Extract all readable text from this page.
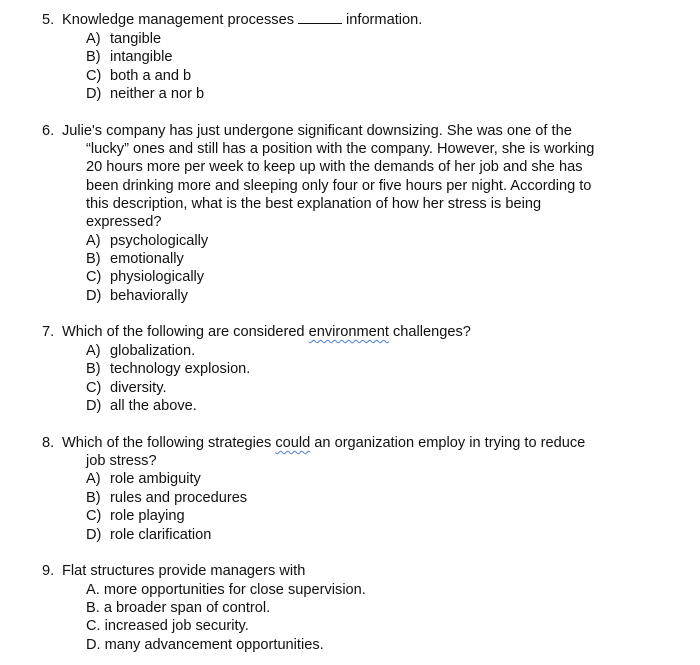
5. Knowledge management processes	information.
A) tangible
B) intangible
C) both a and b
D) neither a nor b
6. Julie's company has just undergone significant downsizing. She was one of the
“lucky” ones and still has a position with the company. However, she is working
20 hours more per week to keep up with the demands of her job and she has
been drinking more and sleeping only four or five hours per night. According to
this description, what is the best explanation of how her stress is being
expressed?
A) psychologically
B) emotionally
C) physiologically
D) behaviorally
7. Which of the following are considered environment challenges?
A) globalization.
B) technology explosion.
C) diversity.
D) all the above.
8. Which of the following strategies could an organization employ in trying to reduce
job stress?
A) role ambiguity
B) rules and procedures
C) role playing
D) role clarification
9. Flat structures provide managers with
A. more opportunities for close supervision.
B. a broader span of control.
C. increased job security.
D. many advancement opportunities.
